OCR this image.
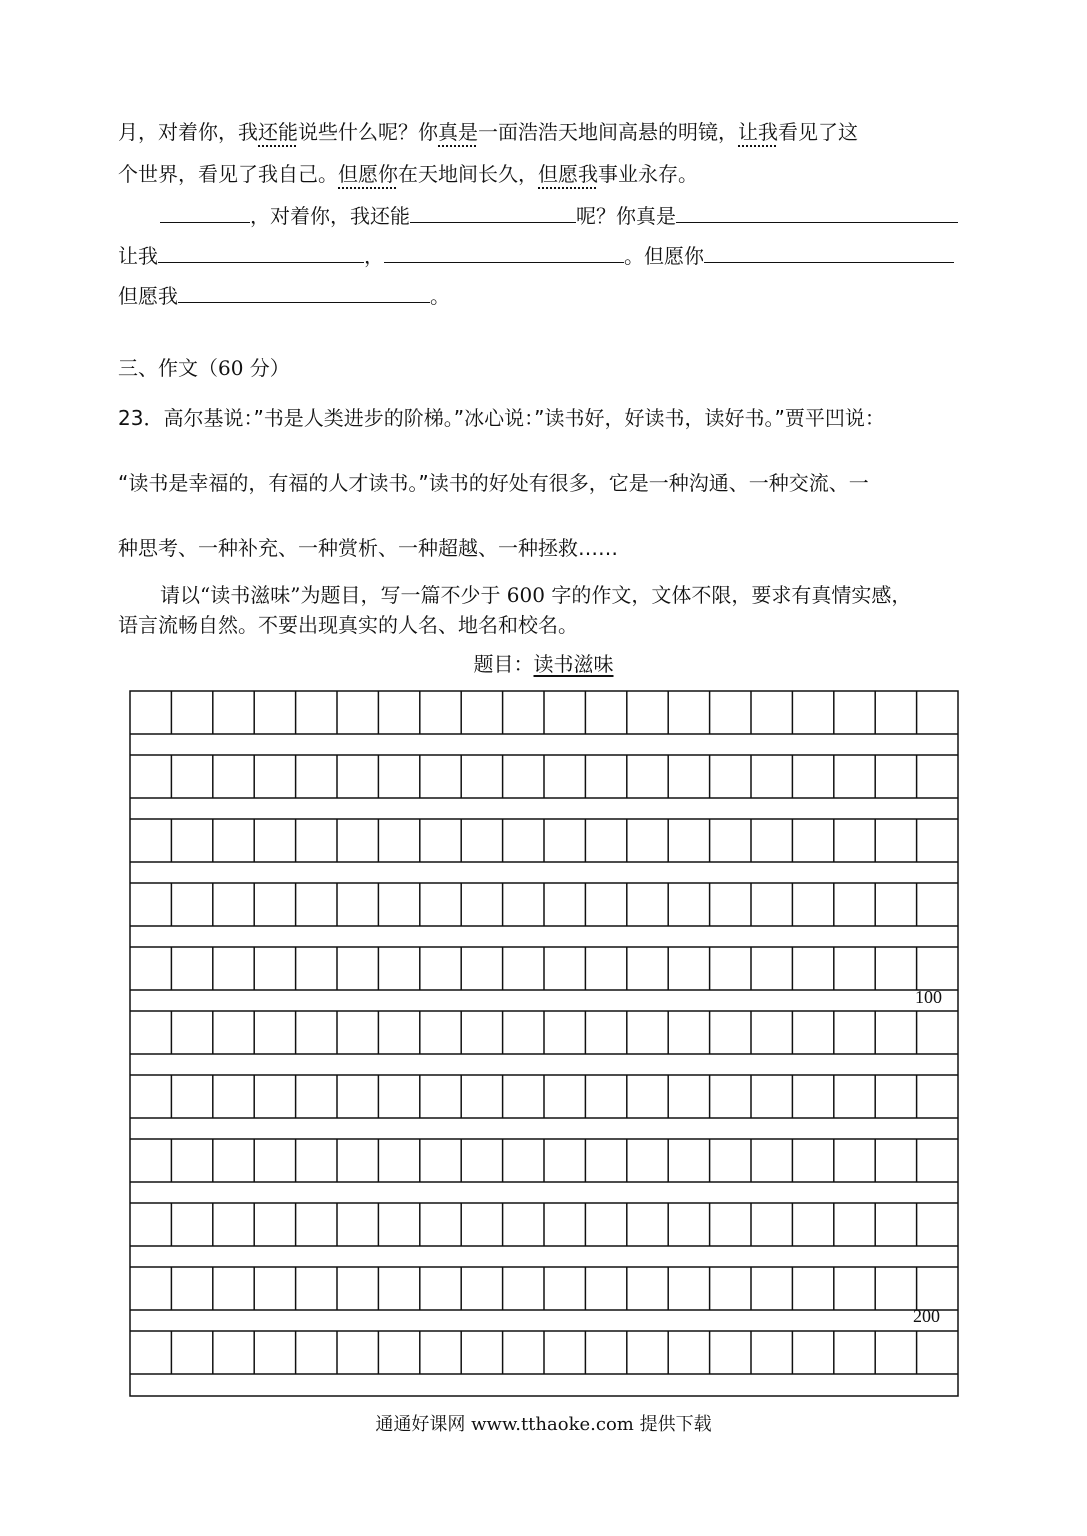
月，对着你，我还能说些什么呢？你真是一面浩浩天地间高悬的明镜，让我看见了这
个世界，看见了我自己。但愿你在天地间长久，但愿我事业永存。
，对着你，我还能	呢？你真是
让我	，	。但愿你
但愿我	。
三、作文（60 分）
23．高尔基说：”书是人类进步的阶梯。”冰心说：”读书好，好读书，读好书。”贾平凹说：
“读书是幸福的，有福的人才读书。”读书的好处有很多，它是一种沟通、一种交流、一
种思考、一种补充、一种赏析、一种超越、一种拯救……
请以“读书滋味”为题目，写一篇不少于 600 字的作文，文体不限，要求有真情实感，
语言流畅自然。不要出现真实的人名、地名和校名。
题目：读书滋味
100
200
通通好课网 www.tthaoke.com 提供下载
